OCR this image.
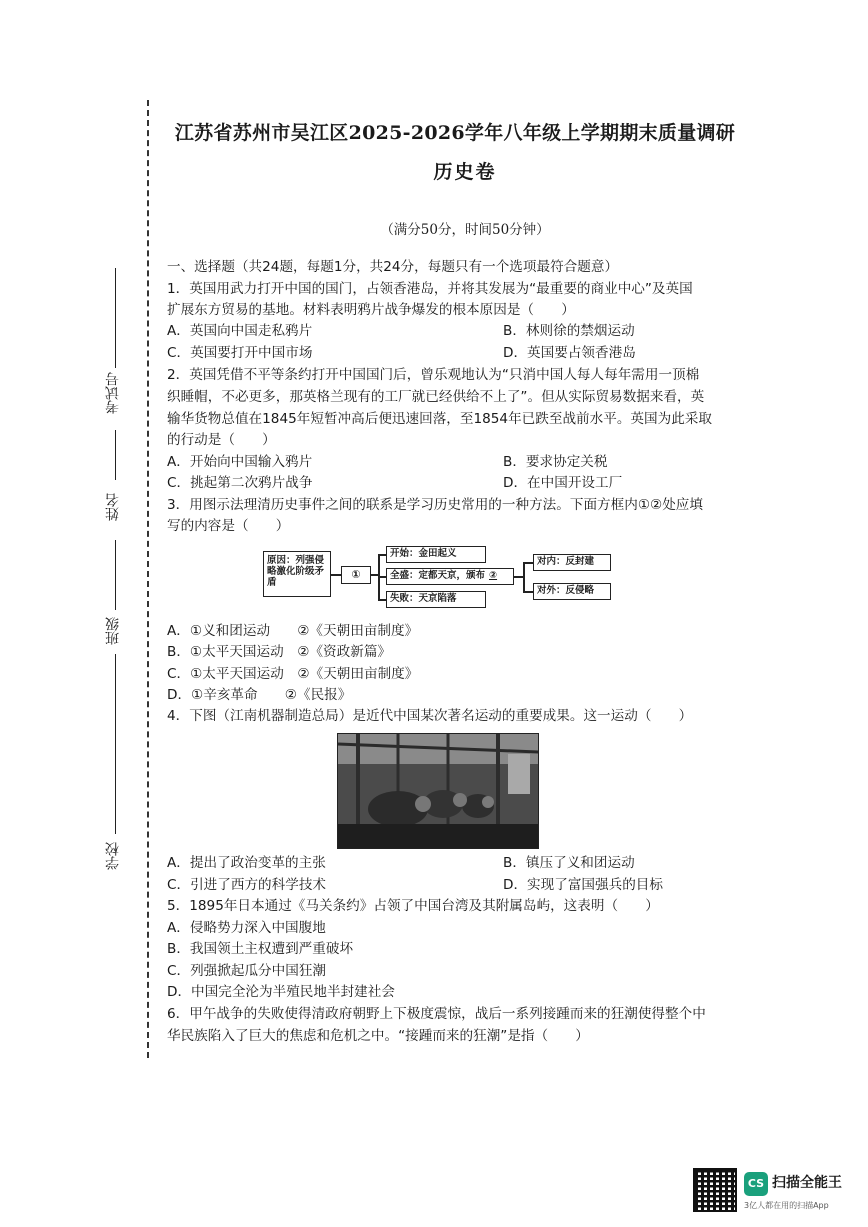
考试号
姓名
班级
学校
江苏省苏州市吴江区2025-2026学年八年级上学期期末质量调研
历史卷
（满分50分，时间50分钟）
一、选择题（共24题，每题1分，共24分，每题只有一个选项最符合题意）
1．英国用武力打开中国的国门，占领香港岛，并将其发展为“最重要的商业中心”及英国
扩展东方贸易的基地。材料表明鸦片战争爆发的根本原因是（　　）
A．英国向中国走私鸦片	B．林则徐的禁烟运动
C．英国要打开中国市场	D．英国要占领香港岛
2．英国凭借不平等条约打开中国国门后，曾乐观地认为“只消中国人每人每年需用一顶棉
织睡帽，不必更多，那英格兰现有的工厂就已经供给不上了”。但从实际贸易数据来看，英
输华货物总值在1845年短暂冲高后便迅速回落，至1854年已跌至战前水平。英国为此采取
的行动是（　　）
A．开始向中国输入鸦片	B．要求协定关税
C．挑起第二次鸦片战争	D．在中国开设工厂
3．用图示法理清历史事件之间的联系是学习历史常用的一种方法。下面方框内①②处应填
写的内容是（　　）
原因：列强侵略激化阶级矛盾
①
开始：金田起义
全盛：定都天京，颁布 ②
失败：天京陷落
对内：反封建
对外：反侵略
A．①义和团运动　　②《天朝田亩制度》
B．①太平天国运动　②《资政新篇》
C．①太平天国运动　②《天朝田亩制度》
D．①辛亥革命　　②《民报》
4．下图（江南机器制造总局）是近代中国某次著名运动的重要成果。这一运动（　　）
A．提出了政治变革的主张	B．镇压了义和团运动
C．引进了西方的科学技术	D．实现了富国强兵的目标
5．1895年日本通过《马关条约》占领了中国台湾及其附属岛屿，这表明（　　）
A．侵略势力深入中国腹地
B．我国领土主权遭到严重破坏
C．列强掀起瓜分中国狂潮
D．中国完全沦为半殖民地半封建社会
6．甲午战争的失败使得清政府朝野上下极度震惊，战后一系列接踵而来的狂潮使得整个中
华民族陷入了巨大的焦虑和危机之中。“接踵而来的狂潮”是指（　　）
CS 扫描全能王
3亿人都在用的扫描App
